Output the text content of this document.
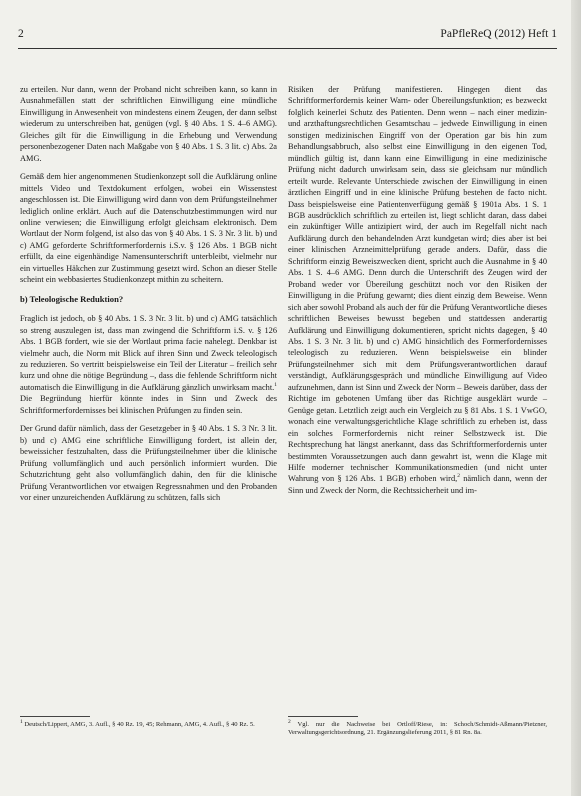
2	PaPfleReQ (2012) Heft 1

zu erteilen. Nur dann, wenn der Proband nicht schreiben kann, so kann in Ausnahmefällen statt der schriftlichen Einwilligung eine mündliche Einwilligung in Anwesenheit von mindestens einem Zeugen, der dann selbst wiederum zu unterschreiben hat, genügen (vgl. § 40 Abs. 1 S. 4–6 AMG). Gleiches gilt für die Einwilligung in die Erhebung und Verwendung personenbezogener Daten nach Maßgabe von § 40 Abs. 1 S. 3 lit. c) Abs. 2a AMG.

Gemäß dem hier angenommenen Studienkonzept soll die Aufklärung online mittels Video und Textdokument erfolgen, wobei ein Wissenstest angeschlossen ist. Die Einwilligung wird dann von dem Prüfungsteilnehmer lediglich online erklärt. Auch auf die Datenschutzbestimmungen wird nur online verwiesen; die Einwilligung erfolgt gleichsam elektronisch. Dem Wortlaut der Norm folgend, ist also das von § 40 Abs. 1 S. 3 Nr. 3 lit. b) und c) AMG geforderte Schriftformerfordernis i.S.v. § 126 Abs. 1 BGB nicht erfüllt, da eine eigenhändige Namensunterschrift unterbleibt, vielmehr nur ein virtuelles Häkchen zur Zustimmung gesetzt wird. Schon an dieser Stelle scheint ein webbasiertes Studienkonzept mithin zu scheitern.

b) Teleologische Reduktion?

Fraglich ist jedoch, ob § 40 Abs. 1 S. 3 Nr. 3 lit. b) und c) AMG tatsächlich so streng auszulegen ist, dass man zwingend die Schriftform i.S. v. § 126 Abs. 1 BGB fordert, wie sie der Wortlaut prima facie nahelegt. Denkbar ist vielmehr auch, die Norm mit Blick auf ihren Sinn und Zweck teleologisch zu reduzieren. So vertritt beispielsweise ein Teil der Literatur – freilich sehr kurz und ohne die nötige Begründung –, dass die fehlende Schriftform nicht automatisch die Einwilligung in die Aufklärung gänzlich unwirksam macht.$^1$ Die Begründung hierfür könnte indes in Sinn und Zweck des Schriftformerfordernisses bei klinischen Prüfungen zu finden sein.

Der Grund dafür nämlich, dass der Gesetzgeber in § 40 Abs. 1 S. 3 Nr. 3 lit. b) und c) AMG eine schriftliche Einwilligung fordert, ist allein der, beweissicher festzuhalten, dass die Prüfungsteilnehmer über die klinische Prüfung vollumfänglich und auch persönlich informiert wurden. Die Schutzrichtung geht also vollumfänglich dahin, den für die klinische Prüfung Verantwortlichen vor etwaigen Regressnahmen und den Probanden vor einer unzureichenden Aufklärung zu schützen, falls sich

Risiken der Prüfung manifestieren. Hingegen dient das Schriftformerfordernis keiner Warn- oder Übereilungsfunktion; es bezweckt folglich keinerlei Schutz des Patienten. Denn wenn – nach einer medizin- und arzthaftungsrechtlichen Gesamtschau – jedwede Einwilligung in einen sonstigen medizinischen Eingriff von der Operation gar bis hin zum Behandlungsabbruch, also selbst eine Einwilligung in den eigenen Tod, mündlich gültig ist, dann kann eine Einwilligung in eine medizinische Prüfung nicht dadurch unwirksam sein, dass sie gleichsam nur mündlich erteilt wurde. Relevante Unterschiede zwischen der Einwilligung in einen ärztlichen Eingriff und in eine klinische Prüfung bestehen de facto nicht. Dass beispielsweise eine Patientenverfügung gemäß § 1901a Abs. 1 S. 1 BGB ausdrücklich schriftlich zu erteilen ist, liegt schlicht daran, dass dabei ein zukünftiger Wille antizipiert wird, der auch im Regelfall nicht nach Aufklärung durch den behandelnden Arzt kundgetan wird; dies aber ist bei einer klinischen Arzneimittelprüfung gerade anders. Dafür, dass die Schriftform einzig Beweiszwecken dient, spricht auch die Ausnahme in § 40 Abs. 1 S. 4–6 AMG. Denn durch die Unterschrift des Zeugen wird der Proband weder vor Übereilung geschützt noch vor den Risiken der Einwilligung in die Prüfung gewarnt; dies dient einzig dem Beweise. Wenn sich aber sowohl Proband als auch der für die Prüfung Verantwortliche dieses schriftlichen Beweises bewusst begeben und stattdessen anderartig Aufklärung und Einwilligung dokumentieren, spricht nichts dagegen, § 40 Abs. 1 S. 3 Nr. 3 lit. b) und c) AMG hinsichtlich des Formerfordernisses teleologisch zu reduzieren. Wenn beispielsweise ein blinder Prüfungsteilnehmer sich mit dem Prüfungsverantwortlichen darauf verständigt, Aufklärungsgespräch und mündliche Einwilligung auf Video aufzunehmen, dann ist Sinn und Zweck der Norm – Beweis darüber, dass der Richtige im gebotenen Umfang über das Richtige ausgeklärt wurde – Genüge getan. Letztlich zeigt auch ein Vergleich zu § 81 Abs. 1 S. 1 VwGO, wonach eine verwaltungsgerichtliche Klage schriftlich zu erheben ist, dass ein solches Formerfordernis nicht reiner Selbstzweck ist. Die Rechtsprechung hat längst anerkannt, dass das Schriftformerfordernis unter bestimmten Voraussetzungen auch dann gewahrt ist, wenn die Klage mit Hilfe moderner technischer Kommunikationsmedien (und nicht unter Wahrung von § 126 Abs. 1 BGB) erhoben wird,$^2$ nämlich dann, wenn der Sinn und Zweck der Norm, die Rechtssicherheit und im-

$^1$ Deutsch/Lippert, AMG, 3. Aufl., § 40 Rz. 19, 45; Rehmann, AMG, 4. Aufl., § 40 Rz. 5.	$^2$ Vgl. nur die Nachweise bei Ortloff/Riese, in: Schoch/Schmidt-Aßmann/Pietzner, Verwaltungsgerichtsordnung, 21. Ergänzungslieferung 2011, § 81 Rn. 8a.
